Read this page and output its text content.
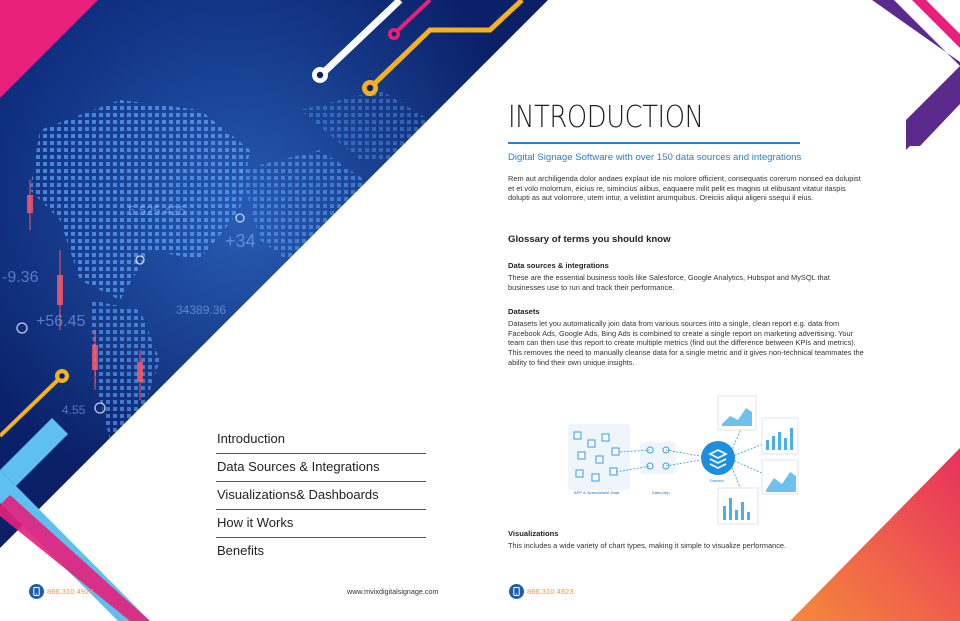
-9.36
+56.45
34389.36
5.525.425
+34
4.55
INTRODUCTION
Digital Signage Software with over 150 data sources and integrations
Rem aut archiligenda dolor andaes explaut ide nis molore officient, consequatis corerum nonsed ea dolupist et et volo molorrum, eicius re, simincius alibus, eaquaere milit pelit es magnis ut elibusant vitatur itaspis dolupti as aut volorrore, utem intur, a velistint arumquibus. Oreiciis aliqui aligeni ssequi il eius.
Glossary of terms you should know
Data sources & integrations
These are the essential business tools like Salesforce, Google Analytics, Hubspot and MySQL that businesses use to run and track their performance.
Datasets
Datasets let you automatically join data from various sources into a single, clean report e.g. data from Facebook Ads, Google Ads, Bing Ads is combined to create a single report on marketing advertising. Your team can then use this report to create multiple metrics (find out the difference between KPIs and metrics). This removes the need to manually cleanse data for a single metric and it gives non-technical teammates the ability to find their own unique insights.
APP & Spreadsheet Data	Data prep
Dataset
Visualizations
This includes a wide variety of chart types, making it simple to visualize performance.
Introduction
Data Sources & Integrations
Visualizations& Dashboards
How it Works
Benefits
866.310.4923	www.mvixdigitalsignage.com	866.310.4923
